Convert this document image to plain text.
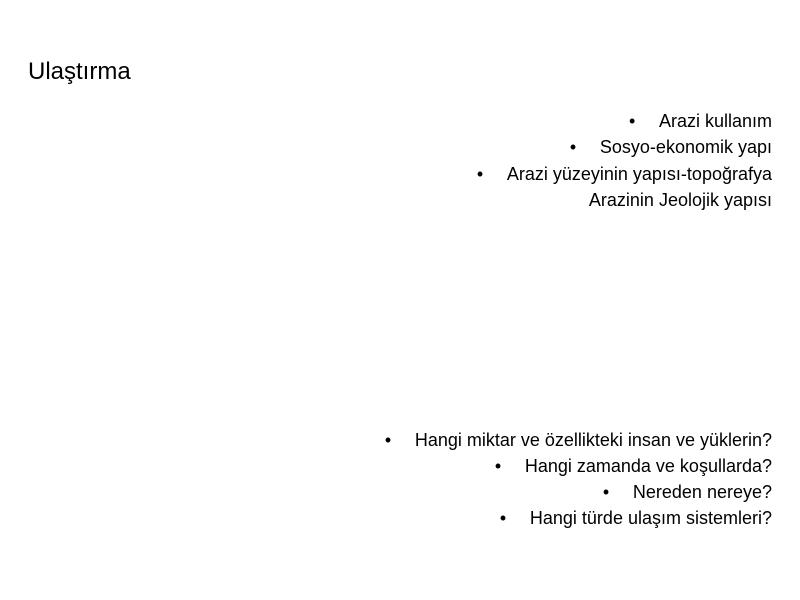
Ulaştırma
• Arazi kullanım
• Sosyo-ekonomik yapı
• Arazi yüzeyinin yapısı-topoğrafya
Arazinin Jeolojik yapısı
• Hangi miktar ve özellikteki insan ve yüklerin?
• Hangi zamanda ve koşullarda?
• Nereden nereye?
• Hangi türde ulaşım sistemleri?
